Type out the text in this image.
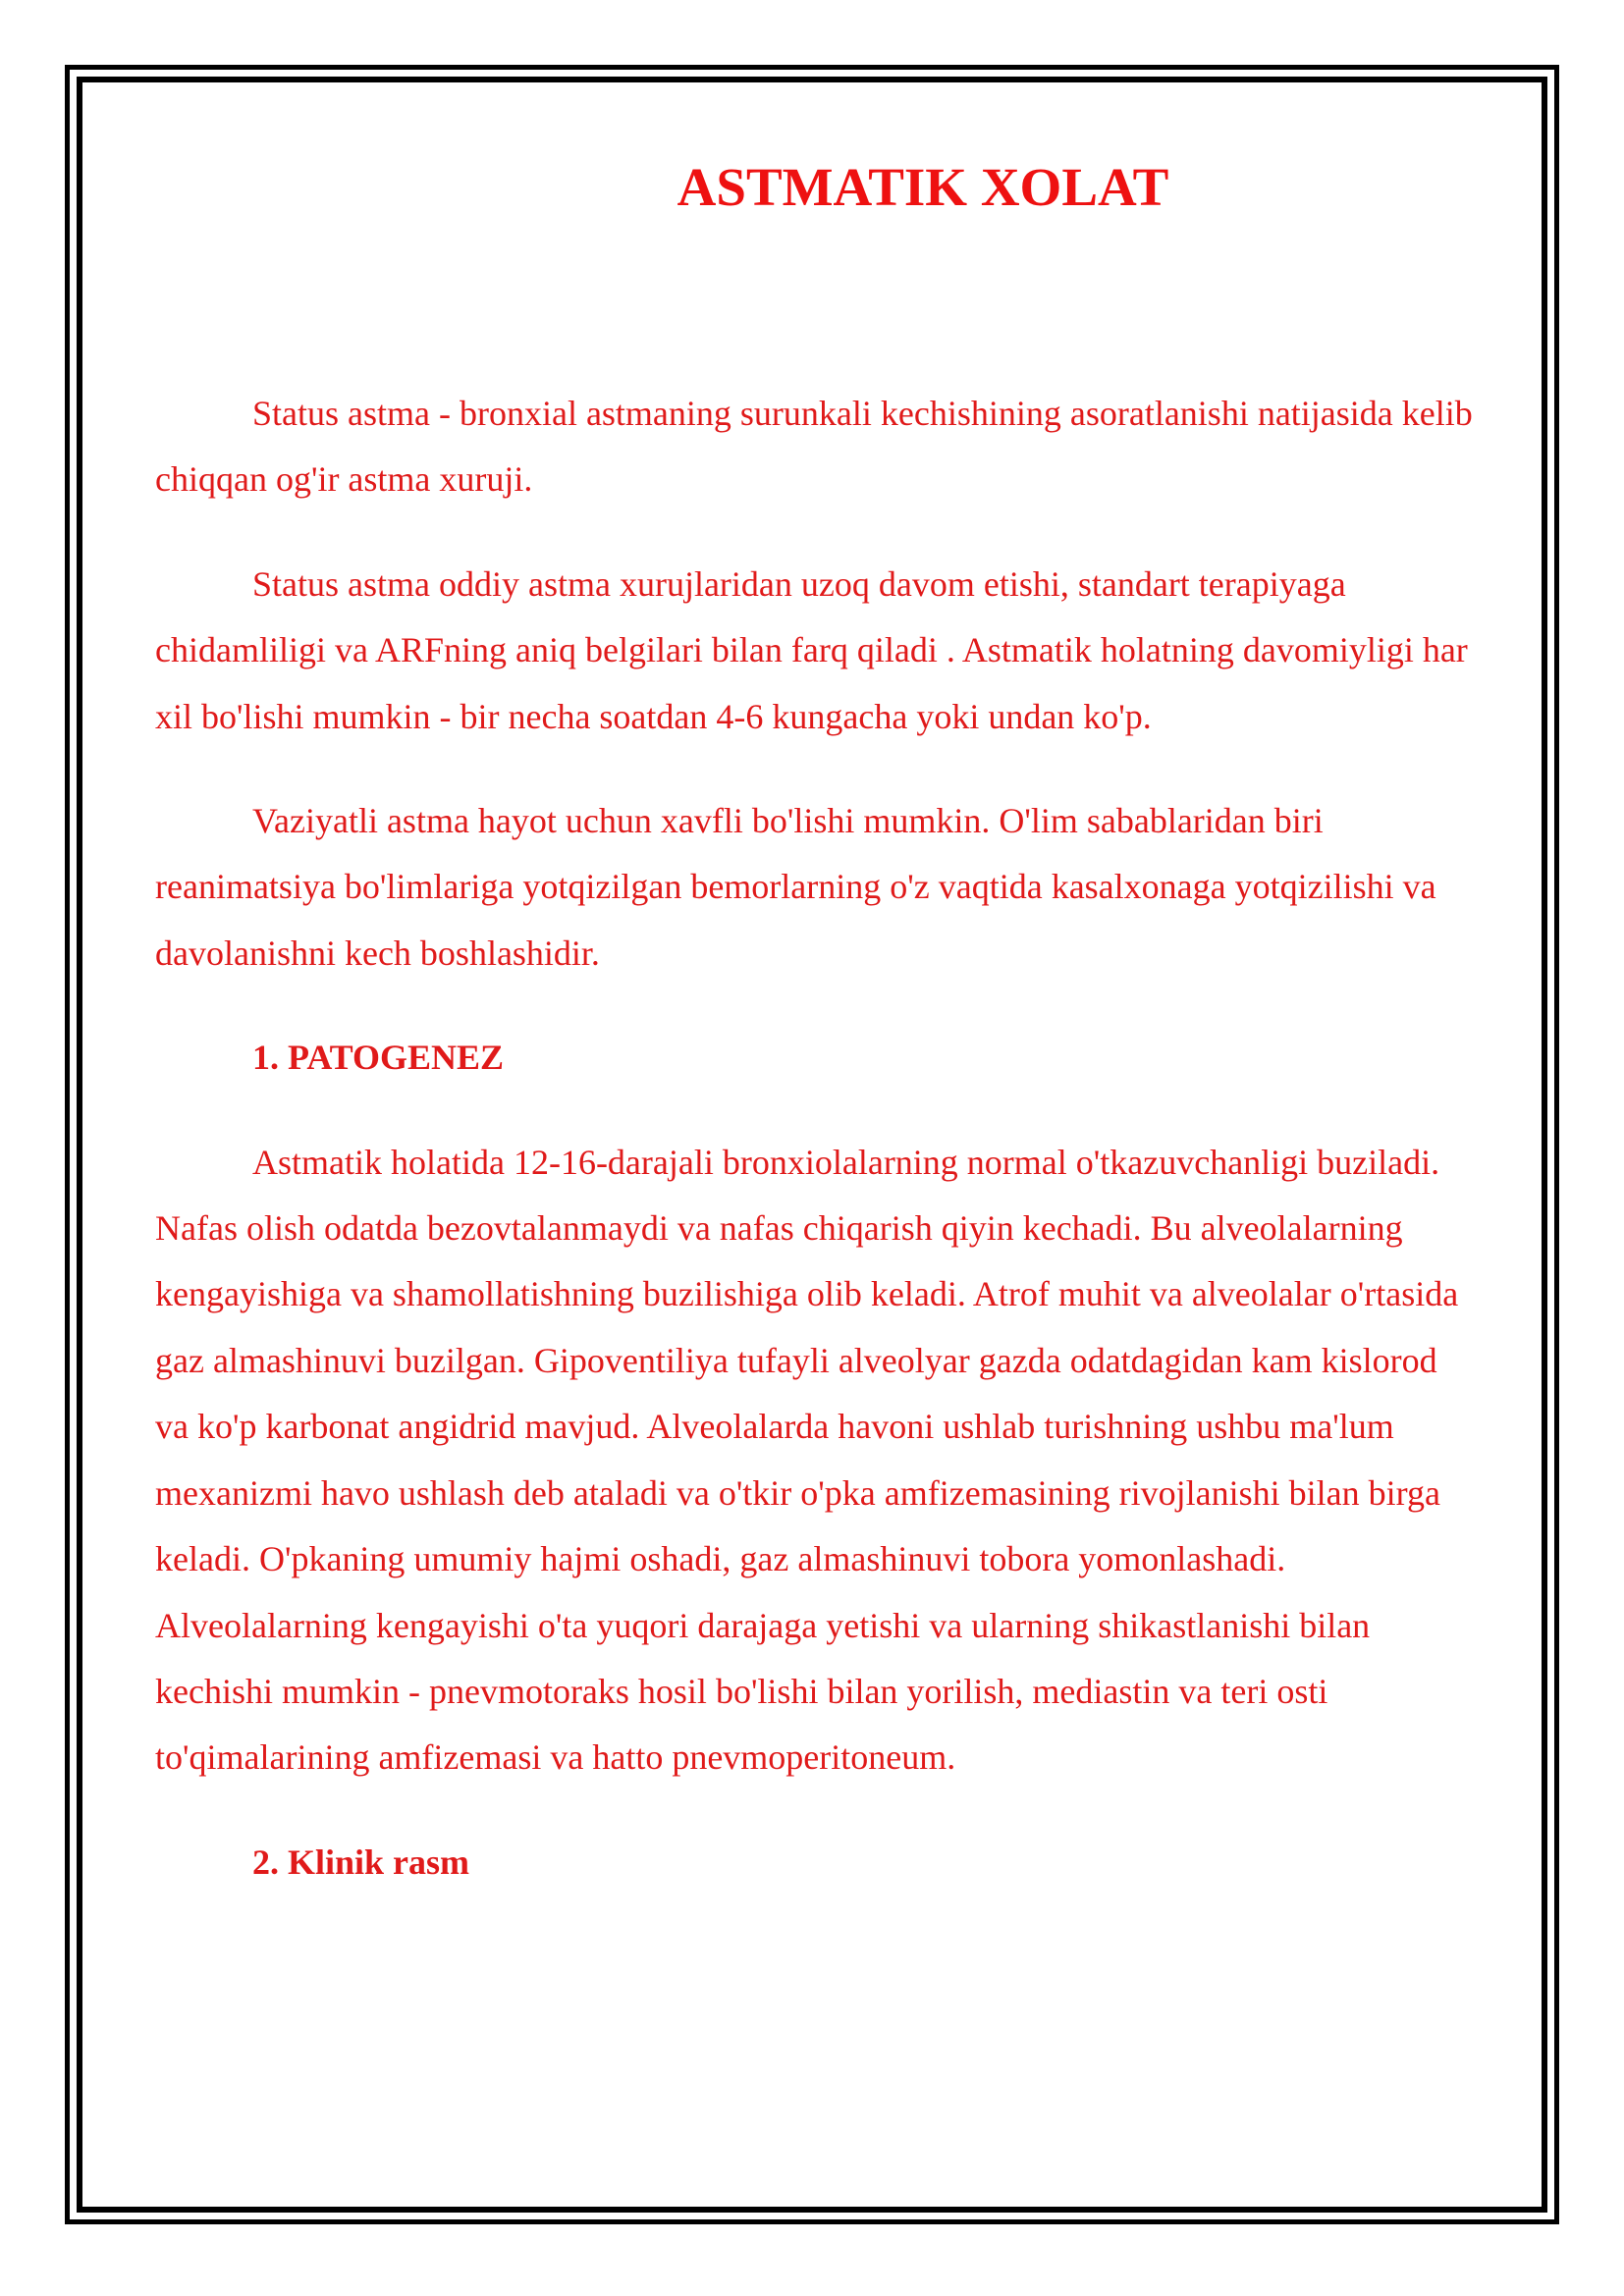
ASTMATIK XOLAT

Status astma - bronxial astmaning surunkali kechishining asoratlanishi natijasida kelib chiqqan og'ir astma xuruji.

Status astma oddiy astma xurujlaridan uzoq davom etishi, standart terapiyaga chidamliligi va ARFning aniq belgilari bilan farq qiladi . Astmatik holatning davomiyligi har xil bo'lishi mumkin - bir necha soatdan 4-6 kungacha yoki undan ko'p.

Vaziyatli astma hayot uchun xavfli bo'lishi mumkin. O'lim sabablaridan biri reanimatsiya bo'limlariga yotqizilgan bemorlarning o'z vaqtida kasalxonaga yotqizilishi va davolanishni kech boshlashidir.

1. PATOGENEZ

Astmatik holatida 12-16-darajali bronxiolalarning normal o'tkazuvchanligi buziladi. Nafas olish odatda bezovtalanmaydi va nafas chiqarish qiyin kechadi. Bu alveolalarning kengayishiga va shamollatishning buzilishiga olib keladi. Atrof muhit va alveolalar o'rtasida gaz almashinuvi buzilgan. Gipoventiliya tufayli alveolyar gazda odatdagidan kam kislorod va ko'p karbonat angidrid mavjud. Alveolalarda havoni ushlab turishning ushbu ma'lum mexanizmi havo ushlash deb ataladi va o'tkir o'pka amfizemasining rivojlanishi bilan birga keladi. O'pkaning umumiy hajmi oshadi, gaz almashinuvi tobora yomonlashadi. Alveolalarning kengayishi o'ta yuqori darajaga yetishi va ularning shikastlanishi bilan kechishi mumkin - pnevmotoraks hosil bo'lishi bilan yorilish, mediastin va teri osti to'qimalarining amfizemasi va hatto pnevmoperitoneum.

2. Klinik rasm
